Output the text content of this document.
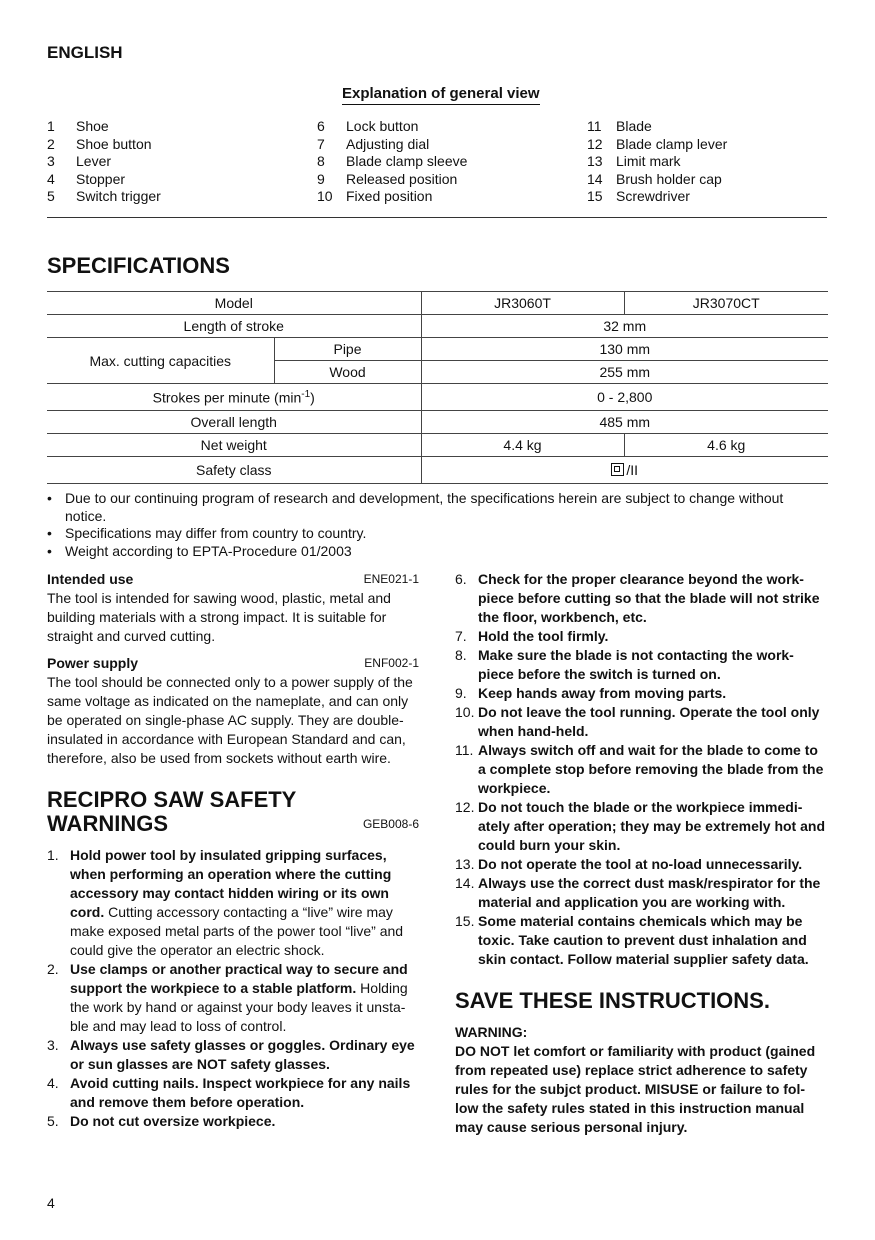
ENGLISH
Explanation of general view
1	Shoe
2	Shoe button
3	Lever
4	Stopper
5	Switch trigger
6	Lock button
7	Adjusting dial
8	Blade clamp sleeve
9	Released position
10 Fixed position
11	Blade
12 Blade clamp lever
13 Limit mark
14 Brush holder cap
15 Screwdriver
SPECIFICATIONS
Model		JR3060T	JR3070CT
Length of stroke		32 mm	
Max. cutting capacities	Pipe	130 mm	
	Wood	255 mm	
Strokes per minute $(\min^{-1})$		0 - 2,800	
Overall length		485 mm	
Net weight		4.4 kg	4.6 kg
Safety class		/II	
• Due to our continuing program of research and development, the specifications herein are subject to change without notice.
• Specifications may differ from country to country.
• Weight according to EPTA-Procedure 01/2003
Intended use	ENE021-1

The tool is intended for sawing wood, plastic, metal and building materials with a strong impact. It is suitable for straight and curved cutting.

Power supply	ENF002-1

The tool should be connected only to a power supply of the same voltage as indicated on the nameplate, and can only be operated on single-phase AC supply. They are double-insulated in accordance with European Standard and can, therefore, also be used from sockets without earth wire.

RECIPRO SAW SAFETY
WARNINGS	GEB008-6
1. Hold power tool by insulated gripping surfaces, when performing an operation where the cutting accessory may contact hidden wiring or its own cord. Cutting accessory contacting a “live” wire may make exposed metal parts of the power tool “live” and could give the operator an electric shock.
2. Use clamps or another practical way to secure and support the workpiece to a stable platform. Holding the work by hand or against your body leaves it unsta-ble and may lead to loss of control.
3. Always use safety glasses or goggles. Ordinary eye or sun glasses are NOT safety glasses.
4. Avoid cutting nails. Inspect workpiece for any nails and remove them before operation.
5. Do not cut oversize workpiece.
6. Check for the proper clearance beyond the work-piece before cutting so that the blade will not strike the floor, workbench, etc.
7. Hold the tool firmly.
8. Make sure the blade is not contacting the work-piece before the switch is turned on.
9. Keep hands away from moving parts.
10. Do not leave the tool running. Operate the tool only when hand-held.
11. Always switch off and wait for the blade to come to a complete stop before removing the blade from the workpiece.
12. Do not touch the blade or the workpiece immedi-ately after operation; they may be extremely hot and could burn your skin.
13. Do not operate the tool at no-load unnecessarily.
14. Always use the correct dust mask/respirator for the material and application you are working with.
15. Some material contains chemicals which may be toxic. Take caution to prevent dust inhalation and skin contact. Follow material supplier safety data.
SAVE THESE INSTRUCTIONS.
WARNING:

DO NOT let comfort or familiarity with product (gained from repeated use) replace strict adherence to safety rules for the subjct product. MISUSE or failure to fol-low the safety rules stated in this instruction manual may cause serious personal injury.

4
